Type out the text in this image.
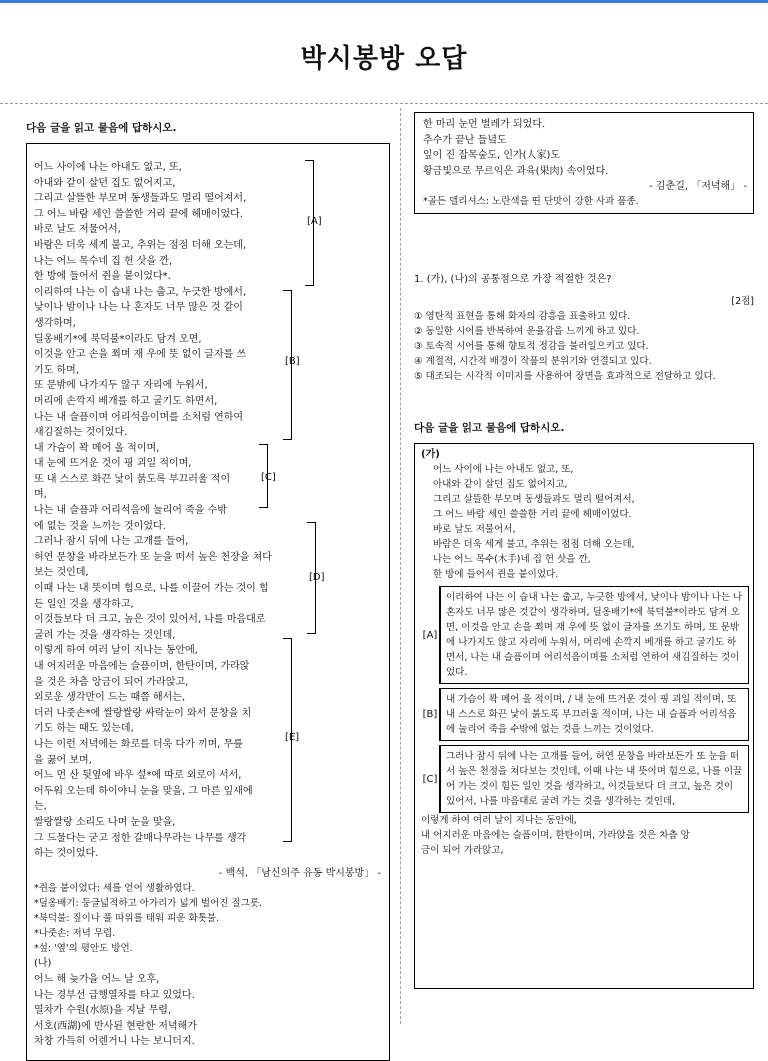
박시봉방 오답
다음 글을 읽고 물음에 답하시오.
어느 사이에 나는 아내도 없고, 또,
아내와 같이 살던 집도 없어지고,
그리고 살뜰한 부모며 동생들과도 멀리 떨어져서,
그 어느 바람 세인 쓸쓸한 거리 끝에 헤매이었다.
바로 날도 저물어서,
바람은 더욱 세게 불고, 추위는 점점 더해 오는데,
나는 어느 목수네 집 헌 삿을 깐,
한 방에 들어서 쥔을 붙이었다*.
이리하여 나는 이 습내 나는 춥고, 누긋한 방에서,
낮이나 밤이나 나는 나 혼자도 너무 많은 것 같이
생각하며,
딜옹배기*에 북덕불*이라도 담겨 오면,
이것을 안고 손을 쬐며 재 우에 뜻 없이 글자를 쓰
기도 하며,
또 문밖에 나가지두 않구 자리에 누워서,
머리에 손깍지 베개를 하고 굴기도 하면서,
나는 내 슬픔이며 어리석음이며를 소처럼 연하여
새김질하는 것이었다.
내 가슴이 꽉 메어 올 적이며,
내 눈에 뜨거운 것이 핑 괴일 적이며,
또 내 스스로 화끈 낯이 붉도록 부끄러울 적이
며,
나는 내 슬픔과 어리석음에 눌리어 죽을 수밖
에 없는 것을 느끼는 것이었다.
그러나 잠시 뒤에 나는 고개를 들어,
허연 문창을 바라보든가 또 눈을 떠서 높은 천장을 쳐다
보는 것인데,
이때 나는 내 뜻이며 힘으로, 나를 이끌어 가는 것이 힘
든 일인 것을 생각하고,
이것들보다 더 크고, 높은 것이 있어서, 나를 마음대로
굴려 가는 것을 생각하는 것인데,
이렇게 하여 여러 날이 지나는 동안에,
내 어지러운 마음에는 슬픔이며, 한탄이며, 가라앉
을 것은 차츰 앙금이 되어 가라앉고,
외로운 생각만이 드는 때쯤 해서는,
더러 나줏손*에 쌀랑쌀랑 싸락눈이 와서 문창을 치
기도 하는 때도 있는데,
나는 이런 저녁에는 화로를 더욱 다가 끼며, 무릎
을 꿇어 보며,
어느 먼 산 뒷옆에 바우 섶*에 따로 외로이 서서,
어두워 오는데 하이야니 눈을 맞을, 그 마른 잎새에
는,
쌀랑쌀랑 소리도 나며 눈을 맞을,
그 드물다는 굳고 정한 갈매나무라는 나무를 생각
하는 것이었다.
- 백석, 「남신의주 유동 박시봉방」 -
*쥔을 붙이었다: 세를 얻어 생활하였다.
*딜옹배기: 둥글넓적하고 아가리가 넓게 벌어진 질그릇.
*북덕불: 짚이나 풀 따위를 태워 피운 화톳불.
*나줏손: 저녁 무렵.
*섶: '옆'의 평안도 방언.
(나)
어느 해 늦가을 어느 날 오후,
나는 경부선 급행열차를 타고 있었다.
열차가 수원(水原)을 지날 무렵,
서호(西湖)에 반사된 현란한 저녁해가
차창 가득히 어렌거니 나는 보니더지.
[A]
[B]
[C]
[D]
[E]
한 마리 눈먼 벌레가 되었다.
추수가 끝난 들녘도
잎이 진 잡목숲도, 인가(人家)도
황금빛으로 무르익은 과육(果肉) 속이었다.
- 김춘길, 「저녁해」 -
*골든 델리셔스: 노란색을 띤 단맛이 강한 사과 품종.
1. (가), (나)의 공통점으로 가장 적절한 것은?
[2점]
① 영탄적 표현을 통해 화자의 감흥을 표출하고 있다.
② 동일한 시어를 반복하여 운율감을 느끼게 하고 있다.
③ 토속적 시어를 통해 향토적 정감을 불러일으키고 있다.
④ 계절적, 시간적 배경이 작품의 분위기와 연결되고 있다.
⑤ 대조되는 시각적 이미지를 사용하여 장면을 효과적으로 전달하고 있다.
다음 글을 읽고 물음에 답하시오.
(가)
어느 사이에 나는 아내도 없고, 또,
아내와 같이 살던 집도 없어지고,
그리고 살뜰한 부모며 동생들과도 멀리 떨어져서,
그 어느 바람 세인 쓸쓸한 거리 끝에 헤매이었다.
바로 날도 저물어서,
바람은 더욱 세게 불고, 추위는 점점 더해 오는데,
나는 어느 목수(木手)네 집 헌 삿을 깐,
한 방에 들어서 쥔을 붙이었다.
[A]
이리하여 나는 이 습내 나는 춥고, 누긋한 방에서, 낮이나 밤이나 나는 나 혼자도 너무 많은 것같이 생각하며, 딜옹배기*에 북덕불*이라도 담겨 오면, 이것을 안고 손을 쬐며 재 우에 뜻 없이 글자를 쓰기도 하며, 또 문밖에 나가지도 않고 자리에 누워서, 머리에 손깍지 베개를 하고 굴기도 하면서, 나는 내 슬픔이며 어리석음이며를 소처럼 연하여 새김질하는 것이었다.
[B]
내 가슴이 꽉 메어 올 적이며, / 내 눈에 뜨거운 것이 핑 괴일 적이며, 또 내 스스로 화끈 낯이 붉도록 부끄러울 적이며, 나는 내 슬픔과 어리석음에 눌리어 죽을 수밖에 없는 것을 느끼는 것이었다.
[C]
그러나 잠시 뒤에 나는 고개를 들어, 허연 문창을 바라보든가 또 눈을 떠서 높은 천정을 쳐다보는 것인데, 이때 나는 내 뜻이며 힘으로, 나를 이끌어 가는 것이 힘든 일인 것을 생각하고, 이것들보다 더 크고, 높은 것이 있어서, 나를 마음대로 굴려 가는 것을 생각하는 것인데,
이렇게 하여 여러 날이 지나는 동안에,
내 어지러운 마음에는 슬픔이며, 한탄이며, 가라앉을 것은 차츰 앙
금이 되어 가라앉고,
